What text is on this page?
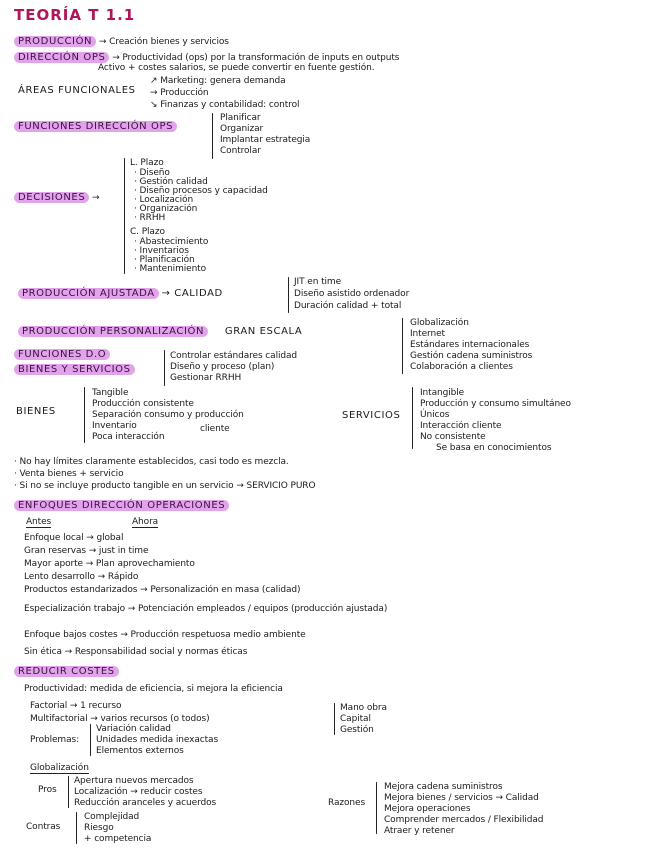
TEORÍA T 1.1
PRODUCCIÓN → Creación bienes y servicios
DIRECCIÓN OPS → Productividad (ops) por la transformación de inputs en outputs
Activo + costes salarios, se puede convertir en fuente gestión.
ÁREAS FUNCIONALES
↗ Marketing: genera demanda
→ Producción
↘ Finanzas y contabilidad: control
FUNCIONES DIRECCIÓN OPS
Planificar
Organizar
Implantar estrategia
Controlar
DECISIONES →
L. Plazo
· Diseño
· Gestión calidad
· Diseño procesos y capacidad
· Localización
· Organización
· RRHH
C. Plazo
· Abastecimiento
· Inventarios
· Planificación
· Mantenimiento
PRODUCCIÓN AJUSTADA → CALIDAD
JIT en time
Diseño asistido ordenador
Duración calidad + total
PRODUCCIÓN PERSONALIZACIÓN GRAN ESCALA
Globalización
Internet
Estándares internacionales
Gestión cadena suministros
Colaboración a clientes
FUNCIONES D.O
BIENES Y SERVICIOS
Controlar estándares calidad
Diseño y proceso (plan)
Gestionar RRHH
BIENES
Tangible
Producción consistente
Separación consumo y producción
Inventario	cliente
Poca interacción
SERVICIOS
Intangible
Producción y consumo simultáneo
Únicos
Interacción cliente
No consistente
Se basa en conocimientos
· No hay límites claramente establecidos, casi todo es mezcla.
· Venta bienes + servicio
· Si no se incluye producto tangible en un servicio → SERVICIO PURO
ENFOQUES DIRECCIÓN OPERACIONES
Antes	Ahora
Enfoque local → global
Gran reservas → just in time
Mayor aporte → Plan aprovechamiento
Lento desarrollo → Rápido
Productos estandarizados → Personalización en masa (calidad)
Especialización trabajo → Potenciación empleados / equipos (producción ajustada)
Enfoque bajos costes → Producción respetuosa medio ambiente
Sin ética → Responsabilidad social y normas éticas
REDUCIR COSTES
Productividad: medida de eficiencia, si mejora la eficiencia
Factorial → 1 recurso
Multifactorial → varios recursos (o todos)
Mano obra
Capital
Gestión
Problemas:
Variación calidad
Unidades medida inexactas
Elementos externos
Globalización
Pros
Apertura nuevos mercados
Localización → reducir costes
Reducción aranceles y acuerdos
Contras
Complejidad
Riesgo
+ competencia
Razones
Mejora cadena suministros
Mejora bienes / servicios → Calidad
Mejora operaciones
Comprender mercados / Flexibilidad
Atraer y retener
